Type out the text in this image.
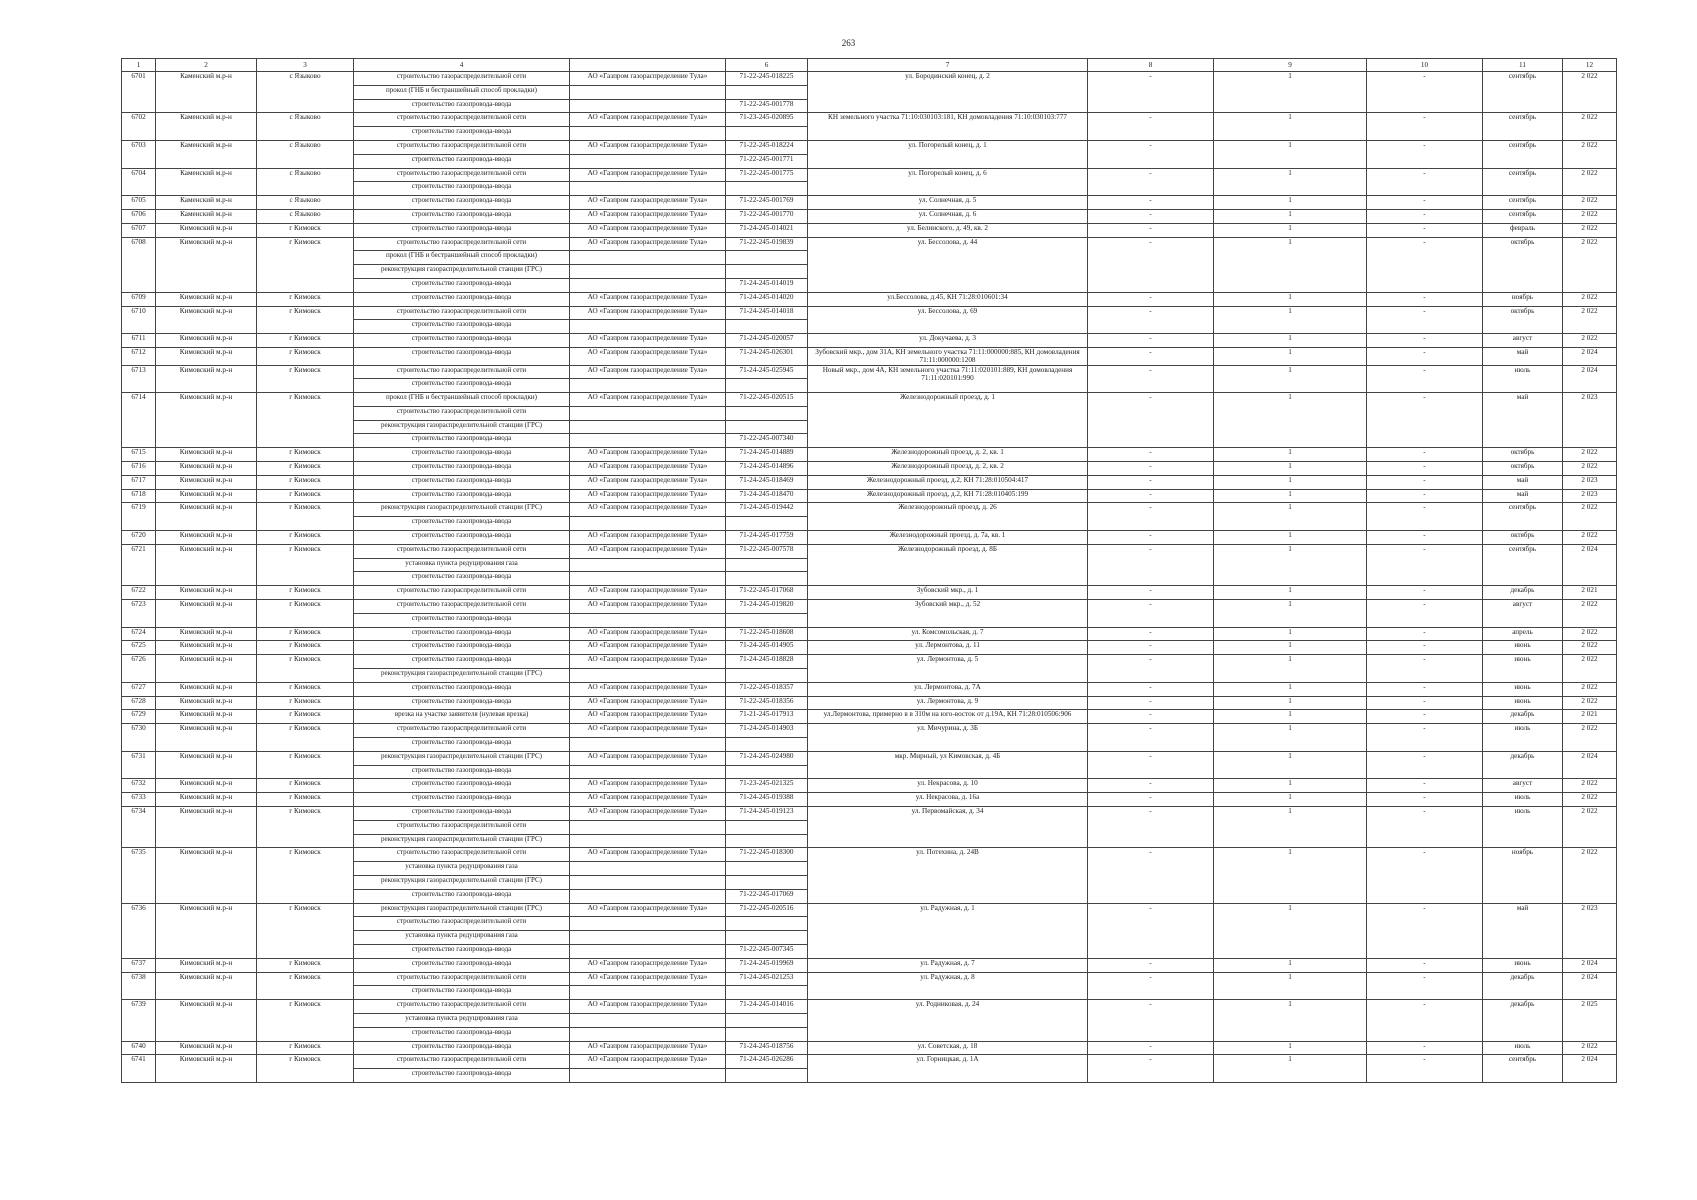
263
1	2	3	4		6	7	8	9	10	11	12
6701	Каменский м.р-н	с Языково	строительство газораспределительной сети	АО «Газпром газораспределение Тула»	71-22-245-018225	ул. Бородинский конец, д. 2	-	1	-	сентябрь	2 022
			прокол (ГНБ и бестраншейный способ прокладки)								
			строительство газопровода-ввода		71-22-245-001778						
6702	Каменский м.р-н	с Языково	строительство газораспределительной сети	АО «Газпром газораспределение Тула»	71-23-245-020895	КН земельного участка 71:10:030103:181, КН домовладения 71:10:030103:777	-	1	-	сентябрь	2 022
			строительство газопровода-ввода								
6703	Каменский м.р-н	с Языково	строительство газораспределительной сети	АО «Газпром газораспределение Тула»	71-22-245-018224	ул. Погорелый конец, д. 1	-	1	-	сентябрь	2 022
			строительство газопровода-ввода		71-22-245-001771						
6704	Каменский м.р-н	с Языково	строительство газораспределительной сети	АО «Газпром газораспределение Тула»	71-22-245-001775	ул. Погорелый конец, д. 6	-	1	-	сентябрь	2 022
			строительство газопровода-ввода								
6705	Каменский м.р-н	с Языково	строительство газопровода-ввода	АО «Газпром газораспределение Тула»	71-22-245-001769	ул. Солнечная, д. 5	-	1	-	сентябрь	2 022
6706	Каменский м.р-н	с Языково	строительство газопровода-ввода	АО «Газпром газораспределение Тула»	71-22-245-001770	ул. Солнечная, д. 6	-	1	-	сентябрь	2 022
6707	Кимовский м.р-н	г Кимовск	строительство газопровода-ввода	АО «Газпром газораспределение Тула»	71-24-245-014021	ул. Белинского, д. 49, кв. 2	-	1	-	февраль	2 022
6708	Кимовский м.р-н	г Кимовск	строительство газораспределительной сети	АО «Газпром газораспределение Тула»	71-22-245-019839	ул. Бессолова, д. 44	-	1	-	октябрь	2 022
			прокол (ГНБ и бестраншейный способ прокладки)								
			реконструкция газораспределительной станции (ГРС)								
			строительство газопровода-ввода		71-24-245-014019						
6709	Кимовский м.р-н	г Кимовск	строительство газопровода-ввода	АО «Газпром газораспределение Тула»	71-24-245-014020	ул.Бессолова, д.45, КН 71:28:010601:34	-	1	-	ноябрь	2 022
6710	Кимовский м.р-н	г Кимовск	строительство газораспределительной сети	АО «Газпром газораспределение Тула»	71-24-245-014018	ул. Бессолова, д. 69	-	1	-	октябрь	2 022
			строительство газопровода-ввода								
6711	Кимовский м.р-н	г Кимовск	строительство газопровода-ввода	АО «Газпром газораспределение Тула»	71-24-245-020057	ул. Докучаева, д. 3	-	1	-	август	2 022
6712	Кимовский м.р-н	г Кимовск	строительство газопровода-ввода	АО «Газпром газораспределение Тула»	71-24-245-026301	Зубовский мкр., дом 31А, КН земельного участка 71:11:000000:885, КН домовладения 71:11:000000:1208	-	1	-	май	2 024
6713	Кимовский м.р-н	г Кимовск	строительство газораспределительной сети	АО «Газпром газораспределение Тула»	71-24-245-025945	Новый мкр., дом 4А, КН земельного участка 71:11:020101:889, КН домовладения 71:11:020101:990	-	1	-	июль	2 024
			строительство газопровода-ввода								
6714	Кимовский м.р-н	г Кимовск	прокол (ГНБ и бестраншейный способ прокладки)	АО «Газпром газораспределение Тула»	71-22-245-020515	Железнодорожный проезд, д. 1	-	1	-	май	2 023
			строительство газораспределительной сети								
			реконструкция газораспределительной станции (ГРС)								
			строительство газопровода-ввода		71-22-245-007340						
6715	Кимовский м.р-н	г Кимовск	строительство газопровода-ввода	АО «Газпром газораспределение Тула»	71-24-245-014889	Железнодорожный проезд, д. 2, кв. 1	-	1	-	октябрь	2 022
6716	Кимовский м.р-н	г Кимовск	строительство газопровода-ввода	АО «Газпром газораспределение Тула»	71-24-245-014896	Железнодорожный проезд, д. 2, кв. 2	-	1	-	октябрь	2 022
6717	Кимовский м.р-н	г Кимовск	строительство газопровода-ввода	АО «Газпром газораспределение Тула»	71-24-245-018469	Железнодорожный проезд, д.2, КН 71:28:010504:417	-	1	-	май	2 023
6718	Кимовский м.р-н	г Кимовск	строительство газопровода-ввода	АО «Газпром газораспределение Тула»	71-24-245-018470	Железнодорожный проезд, д.2, КН 71:28:010405:199	-	1	-	май	2 023
6719	Кимовский м.р-н	г Кимовск	реконструкция газораспределительной станции (ГРС)	АО «Газпром газораспределение Тула»	71-24-245-019442	Железнодорожный проезд, д. 26	-	1	-	сентябрь	2 022
			строительство газопровода-ввода								
6720	Кимовский м.р-н	г Кимовск	строительство газопровода-ввода	АО «Газпром газораспределение Тула»	71-24-245-017759	Железнодорожный проезд, д. 7а, кв. 1	-	1	-	октябрь	2 022
6721	Кимовский м.р-н	г Кимовск	строительство газораспределительной сети	АО «Газпром газораспределение Тула»	71-22-245-007578	Железнодорожный проезд, д. 8Б	-	1	-	сентябрь	2 024
			установка пункта редуцирования газа								
			строительство газопровода-ввода								
6722	Кимовский м.р-н	г Кимовск	строительство газораспределительной сети	АО «Газпром газораспределение Тула»	71-22-245-017068	Зубовский мкр., д. 1	-	1	-	декабрь	2 021
6723	Кимовский м.р-н	г Кимовск	строительство газораспределительной сети	АО «Газпром газораспределение Тула»	71-24-245-019820	Зубовский мкр., д. 52	-	1	-	август	2 022
			строительство газопровода-ввода								
6724	Кимовский м.р-н	г Кимовск	строительство газопровода-ввода	АО «Газпром газораспределение Тула»	71-22-245-018608	ул. Комсомольская, д. 7	-	1	-	апрель	2 022
6725	Кимовский м.р-н	г Кимовск	строительство газопровода-ввода	АО «Газпром газораспределение Тула»	71-24-245-014905	ул. Лермонтова, д. 11	-	1	-	июнь	2 022
6726	Кимовский м.р-н	г Кимовск	строительство газопровода-ввода	АО «Газпром газораспределение Тула»	71-24-245-018828	ул. Лермонтова, д. 5	-	1	-	июнь	2 022
			реконструкция газораспределительной станции (ГРС)								
6727	Кимовский м.р-н	г Кимовск	строительство газопровода-ввода	АО «Газпром газораспределение Тула»	71-22-245-018357	ул. Лермонтова, д. 7А	-	1	-	июнь	2 022
6728	Кимовский м.р-н	г Кимовск	строительство газопровода-ввода	АО «Газпром газораспределение Тула»	71-22-245-018356	ул. Лермонтова, д. 9	-	1	-	июнь	2 022
6729	Кимовский м.р-н	г Кимовск	врезка на участке заявителя (нулевая врезка)	АО «Газпром газораспределение Тула»	71-21-245-017913	ул.Лермонтова, примерно в в 310м на юго-восток от д.19А, КН 71:28:010506:906	-	1	-	декабрь	2 021
6730	Кимовский м.р-н	г Кимовск	строительство газораспределительной сети	АО «Газпром газораспределение Тула»	71-24-245-014903	ул. Мичурина, д. 3Б	-	1	-	июль	2 022
			строительство газопровода-ввода								
6731	Кимовский м.р-н	г Кимовск	реконструкция газораспределительной станции (ГРС)	АО «Газпром газораспределение Тула»	71-24-245-024980	мкр. Мирный, ул Кимовская, д. 4Б	-	1	-	декабрь	2 024
			строительство газопровода-ввода								
6732	Кимовский м.р-н	г Кимовск	строительство газопровода-ввода	АО «Газпром газораспределение Тула»	71-23-245-021325	ул. Некрасова, д. 10	-	1	-	август	2 022
6733	Кимовский м.р-н	г Кимовск	строительство газопровода-ввода	АО «Газпром газораспределение Тула»	71-24-245-019388	ул. Некрасова, д. 16а	-	1	-	июль	2 022
6734	Кимовский м.р-н	г Кимовск	строительство газопровода-ввода	АО «Газпром газораспределение Тула»	71-24-245-019123	ул. Первомайская, д. 34	-	1	-	июль	2 022
			строительство газораспределительной сети								
			реконструкция газораспределительной станции (ГРС)								
6735	Кимовский м.р-н	г Кимовск	строительство газораспределительной сети	АО «Газпром газораспределение Тула»	71-22-245-018300	ул. Потехина, д. 24В	-	1	-	ноябрь	2 022
			установка пункта редуцирования газа								
			реконструкция газораспределительной станции (ГРС)								
			строительство газопровода-ввода		71-22-245-017069						
6736	Кимовский м.р-н	г Кимовск	реконструкция газораспределительной станции (ГРС)	АО «Газпром газораспределение Тула»	71-22-245-020516	ул. Радужная, д. 1	-	1	-	май	2 023
			строительство газораспределительной сети								
			установка пункта редуцирования газа								
			строительство газопровода-ввода		71-22-245-007345						
6737	Кимовский м.р-н	г Кимовск	строительство газопровода-ввода	АО «Газпром газораспределение Тула»	71-24-245-019969	ул. Радужная, д. 7	-	1	-	июнь	2 024
6738	Кимовский м.р-н	г Кимовск	строительство газораспределительной сети	АО «Газпром газораспределение Тула»	71-24-245-021253	ул. Радужная, д. 8	-	1	-	декабрь	2 024
			строительство газопровода-ввода								
6739	Кимовский м.р-н	г Кимовск	строительство газораспределительной сети	АО «Газпром газораспределение Тула»	71-24-245-014016	ул. Родниковая, д. 24	-	1	-	декабрь	2 025
			установка пункта редуцирования газа								
			строительство газопровода-ввода								
6740	Кимовский м.р-н	г Кимовск	строительство газопровода-ввода	АО «Газпром газораспределение Тула»	71-24-245-018756	ул. Советская, д. 18	-	1	-	июль	2 022
6741	Кимовский м.р-н	г Кимовск	строительство газораспределительной сети	АО «Газпром газораспределение Тула»	71-24-245-026286	ул. Горницкая, д. 1А	-	1	-	сентябрь	2 024
			строительство газопровода-ввода								
